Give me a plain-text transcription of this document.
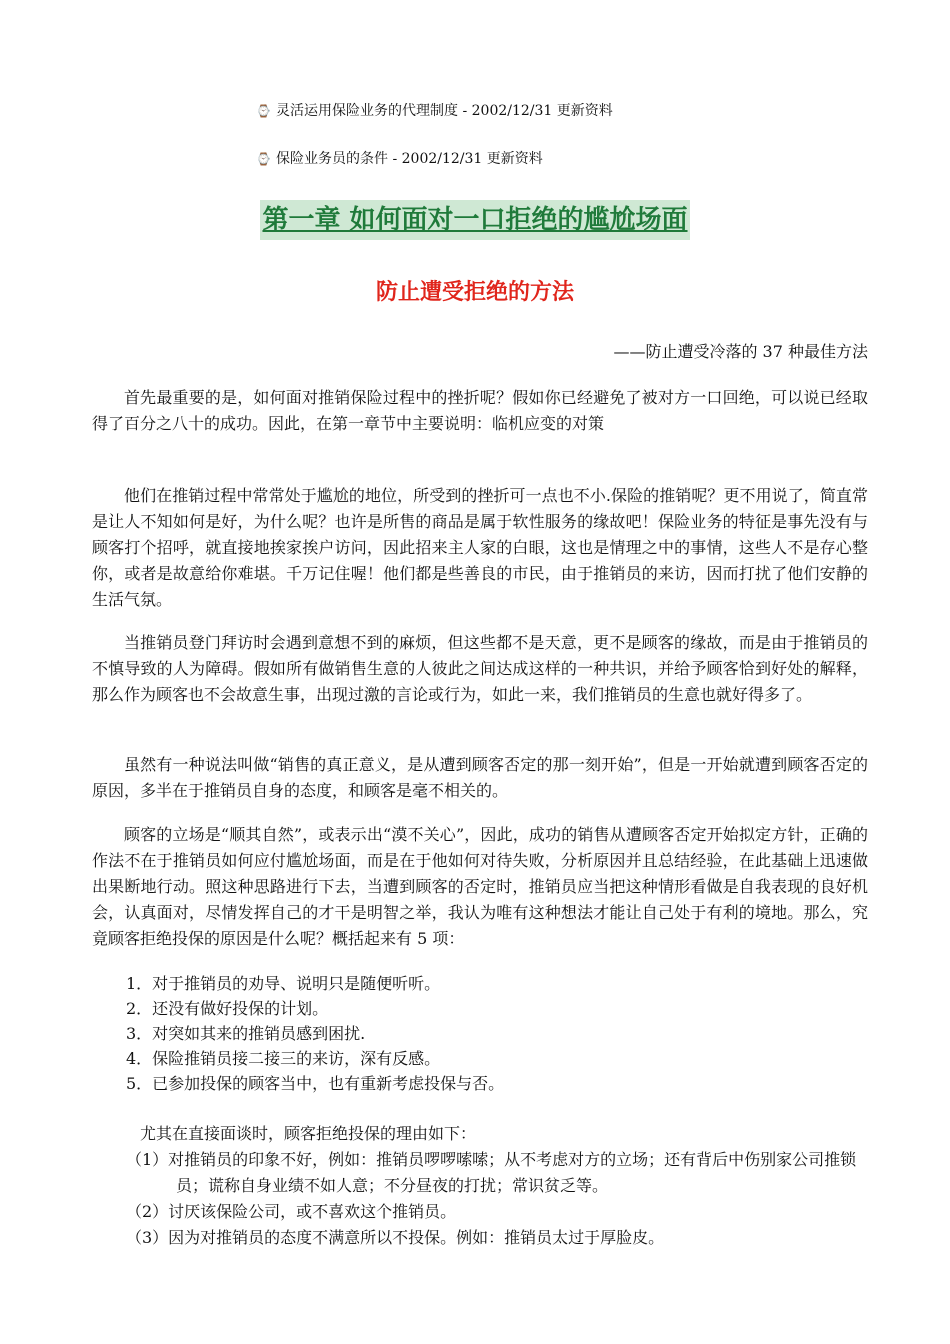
⌚ 灵活运用保险业务的代理制度 - 2002/12/31 更新资料
⌚ 保险业务员的条件 - 2002/12/31 更新资料
第一章 如何面对一口拒绝的尴尬场面
防止遭受拒绝的方法
——防止遭受冷落的 37 种最佳方法
首先最重要的是，如何面对推销保险过程中的挫折呢？假如你已经避免了被对方一口回绝，可以说已经取得了百分之八十的成功。因此，在第一章节中主要说明：临机应变的对策
他们在推销过程中常常处于尴尬的地位，所受到的挫折可一点也不小.保险的推销呢？更不用说了，简直常是让人不知如何是好，为什么呢？也许是所售的商品是属于软性服务的缘故吧！保险业务的特征是事先没有与顾客打个招呼，就直接地挨家挨户访问，因此招来主人家的白眼，这也是情理之中的事情，这些人不是存心整你，或者是故意给你难堪。千万记住喔！他们都是些善良的市民，由于推销员的来访，因而打扰了他们安静的生活气氛。
当推销员登门拜访时会遇到意想不到的麻烦，但这些都不是天意，更不是顾客的缘故，而是由于推销员的不慎导致的人为障碍。假如所有做销售生意的人彼此之间达成这样的一种共识，并给予顾客恰到好处的解释，那么作为顾客也不会故意生事，出现过激的言论或行为，如此一来，我们推销员的生意也就好得多了。
虽然有一种说法叫做“销售的真正意义，是从遭到顾客否定的那一刻开始”，但是一开始就遭到顾客否定的原因，多半在于推销员自身的态度，和顾客是毫不相关的。
顾客的立场是“顺其自然”，或表示出“漠不关心”，因此，成功的销售从遭顾客否定开始拟定方针，正确的作法不在于推销员如何应付尴尬场面，而是在于他如何对待失败，分析原因并且总结经验，在此基础上迅速做出果断地行动。照这种思路进行下去，当遭到顾客的否定时，推销员应当把这种情形看做是自我表现的良好机会，认真面对，尽情发挥自己的才干是明智之举，我认为唯有这种想法才能让自己处于有利的境地。那么，究竟顾客拒绝投保的原因是什么呢？概括起来有 5 项：
1．对于推销员的劝导、说明只是随便听听。
2．还没有做好投保的计划。
3．对突如其来的推销员感到困扰.
4．保险推销员接二接三的来访，深有反感。
5．已参加投保的顾客当中，也有重新考虑投保与否。
尤其在直接面谈时，顾客拒绝投保的理由如下：
（1）对推销员的印象不好，例如：推销员啰啰嗦嗦；从不考虑对方的立场；还有背后中伤别家公司推锁员；谎称自身业绩不如人意；不分昼夜的打扰；常识贫乏等。
（2）讨厌该保险公司，或不喜欢这个推销员。
（3）因为对推销员的态度不满意所以不投保。例如：推销员太过于厚脸皮。
